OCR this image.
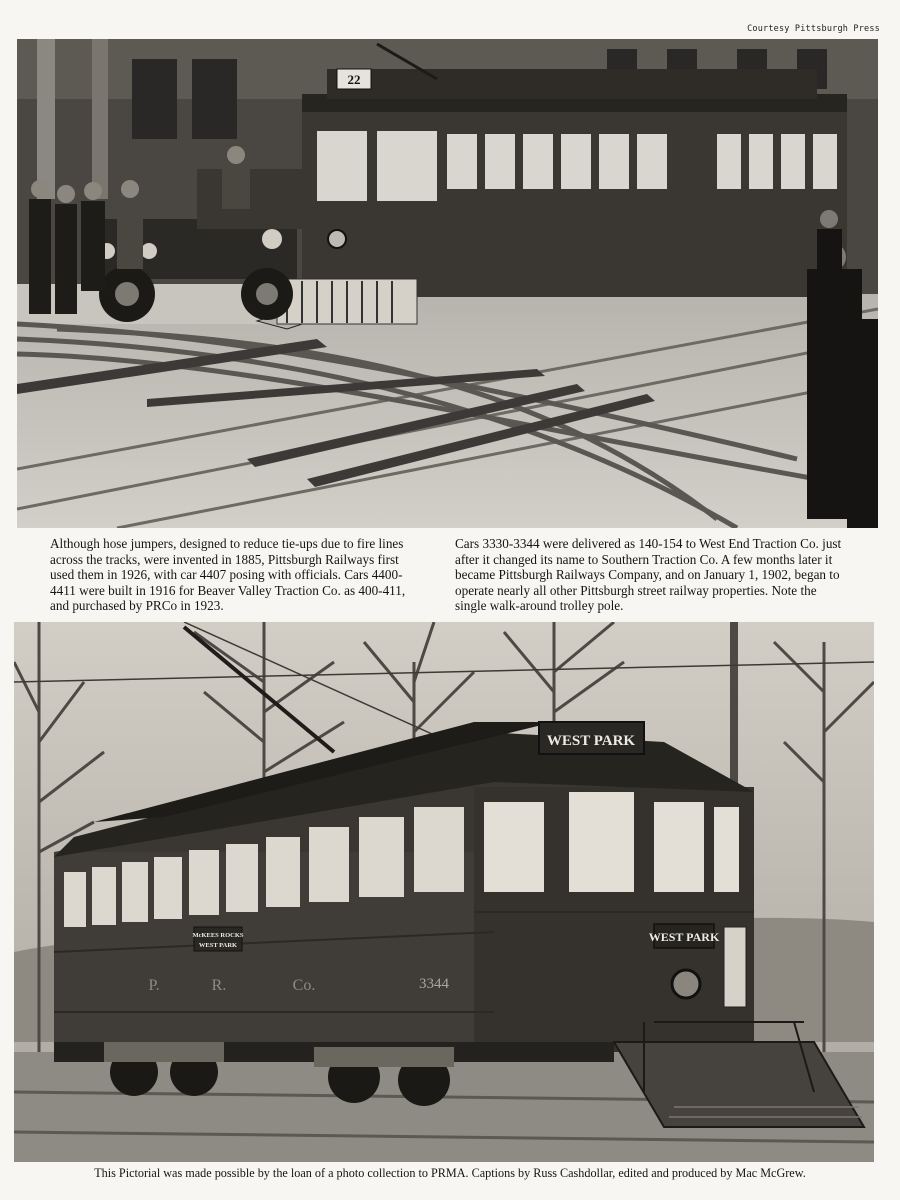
Courtesy Pittsburgh Press
22
Although hose jumpers, designed to reduce tie-ups due to fire lines across the tracks, were invented in 1885, Pittsburgh Railways first used them in 1926, with car 4407 posing with officials. Cars 4400-4411 were built in 1916 for Beaver Valley Traction Co. as 400-411, and purchased by PRCo in 1923.
Cars 3330-3344 were delivered as 140-154 to West End Traction Co. just after it changed its name to Southern Traction Co. A few months later it became Pittsburgh Railways Company, and on January 1, 1902, began to operate nearly all other Pittsburgh street railway properties. Note the single walk-around trolley pole.
WEST PARK
WEST PARK
McKEES ROCKS
WEST PARK
P.	R.	Co.	3344
This Pictorial was made possible by the loan of a photo collection to PRMA. Captions by Russ Cashdollar, edited and produced by Mac McGrew.
